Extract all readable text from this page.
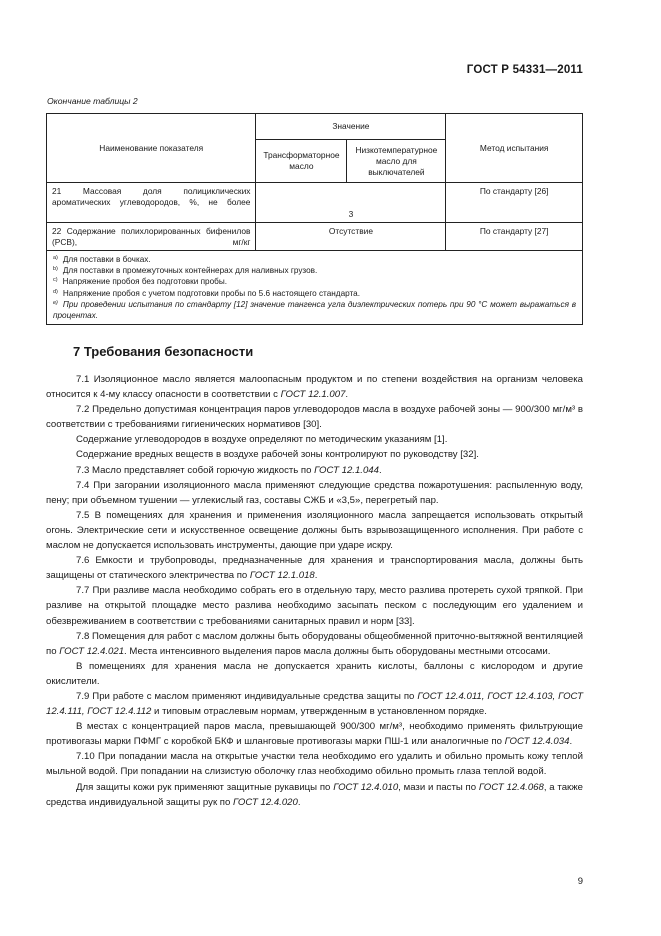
ГОСТ Р 54331—2011
Окончание таблицы 2
Наименование показателя	Значение		Метод испытания
	Трансформаторное масло	Низкотемпературное масло для выключателей	
21 Массовая доля полициклических ароматических углеводородов, %, не более	3		По стандарту [26]
22 Содержание полихлорированных бифенилов (PCB), мг/кг	Отсутствие		По стандарту [27]

$^{а)}$ Для поставки в бочках.
$^{b)}$ Для поставки в промежуточных контейнерах для наливных грузов.
$^{c)}$ Напряжение пробоя без подготовки пробы.
$^{d)}$ Напряжение пробоя с учетом подготовки пробы по 5.6 настоящего стандарта.
$^{e)}$ При проведении испытания по стандарту [12] значение тангенса угла диэлектрических потерь при 90 °С может выражаться в процентах.			
7 Требования безопасности

7.1 Изоляционное масло является малоопасным продуктом и по степени воздействия на организм человека относится к 4-му классу опасности в соответствии с ГОСТ 12.1.007.

7.2 Предельно допустимая концентрация паров углеводородов масла в воздухе рабочей зоны — 900/300 мг/м³ в соответствии с требованиями гигиенических нормативов [30].

Содержание углеводородов в воздухе определяют по методическим указаниям [1].

Содержание вредных веществ в воздухе рабочей зоны контролируют по руководству [32].

7.3 Масло представляет собой горючую жидкость по ГОСТ 12.1.044.

7.4 При загорании изоляционного масла применяют следующие средства пожаротушения: распыленную воду, пену; при объемном тушении — углекислый газ, составы СЖБ и «3,5», перегретый пар.

7.5 В помещениях для хранения и применения изоляционного масла запрещается использовать открытый огонь. Электрические сети и искусственное освещение должны быть взрывозащищенного исполнения. При работе с маслом не допускается использовать инструменты, дающие при ударе искру.

7.6 Емкости и трубопроводы, предназначенные для хранения и транспортирования масла, должны быть защищены от статического электричества по ГОСТ 12.1.018.

7.7 При разливе масла необходимо собрать его в отдельную тару, место разлива протереть сухой тряпкой. При разливе на открытой площадке место разлива необходимо засыпать песком с последующим его удалением и обезвреживанием в соответствии с требованиями санитарных правил и норм [33].

7.8 Помещения для работ с маслом должны быть оборудованы общеобменной приточно-вытяжной вентиляцией по ГОСТ 12.4.021. Места интенсивного выделения паров масла должны быть оборудованы местными отсосами.

В помещениях для хранения масла не допускается хранить кислоты, баллоны с кислородом и другие окислители.

7.9 При работе с маслом применяют индивидуальные средства защиты по ГОСТ 12.4.011, ГОСТ 12.4.103, ГОСТ 12.4.111, ГОСТ 12.4.112 и типовым отраслевым нормам, утвержденным в установленном порядке.

В местах с концентрацией паров масла, превышающей 900/300 мг/м³, необходимо применять фильтрующие противогазы марки ПФМГ с коробкой БКФ и шланговые противогазы марки ПШ-1 или аналогичные по ГОСТ 12.4.034.

7.10 При попадании масла на открытые участки тела необходимо его удалить и обильно промыть кожу теплой мыльной водой. При попадании на слизистую оболочку глаз необходимо обильно промыть глаза теплой водой.

Для защиты кожи рук применяют защитные рукавицы по ГОСТ 12.4.010, мази и пасты по ГОСТ 12.4.068, а также средства индивидуальной защиты рук по ГОСТ 12.4.020.

9
